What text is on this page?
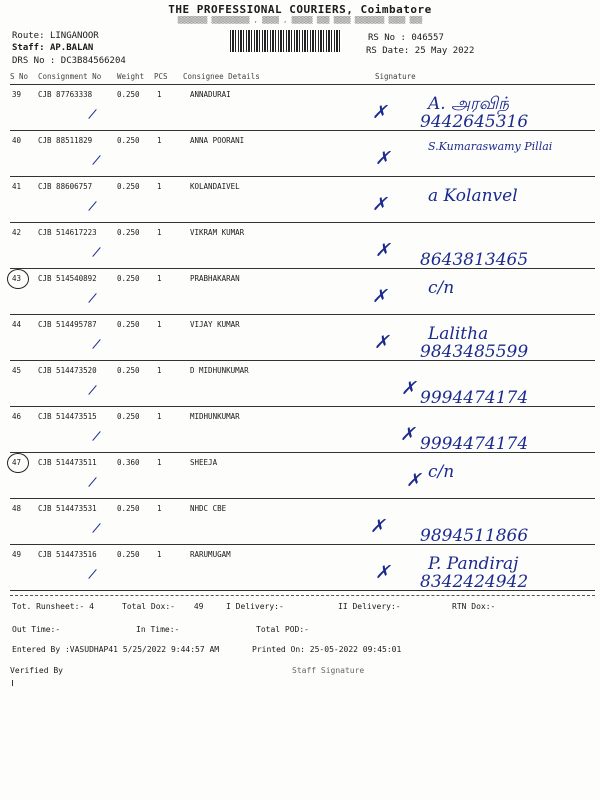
THE PROFESSIONAL COURIERS, Coimbatore
▒▒▒▒▒▒▒ ▒▒▒▒▒▒▒▒▒ , ▒▒▒▒ , ▒▒▒▒▒ ▒▒▒ ▒▒▒▒ ▒▒▒▒▒▒▒ ▒▒▒▒ ▒▒▒
Route: LINGANOOR
Staff: AP.BALAN
DRS No : DC3B84566204
RS No : 046557
RS Date: 25 May 2022
S No Consignment No Weight PCS Consignee Details	Signature
39 CJB 87763338	0.250 1	ANNADURAI
✗ A. அரவிந்
9442645316
40 CJB 88511829	0.250 1	ANNA POORANI
✗
S.Kumaraswamy Pillai
41 CJB 88606757	0.250 1	KOLANDAIVEL
✗ a Kolanvel
42 CJB 514617223	0.250 1	VIKRAM KUMAR
✗ 8643813465
43 CJB 514540892	0.250 1	PRABHAKARAN
✗ c/n
44 CJB 514495787	0.250 1	VIJAY KUMAR
✗ Lalitha
9843485599
45 CJB 514473520	0.250 1	D MIDHUNKUMAR
✗ 9994474174
46 CJB 514473515	0.250 1	MIDHUNKUMAR
✗ 9994474174
47 CJB 514473511	0.360 1	SHEEJA
✗ c/n
48 CJB 514473531	0.250 1	NHDC CBE
✗ 9894511866
49 CJB 514473516	0.250 1	RARUMUGAM
✗ P. Pandiraj
8342424942
Tot. Runsheet:- 4	Total Dox:- 49	I Delivery:-	II Delivery:-	RTN Dox:-
Out Time:-	In Time:-	Total POD:-
Entered By :VASUDHAP41 5/25/2022 9:44:57 AM	Printed On: 25-05-2022 09:45:01
Verified By	Staff Signature
